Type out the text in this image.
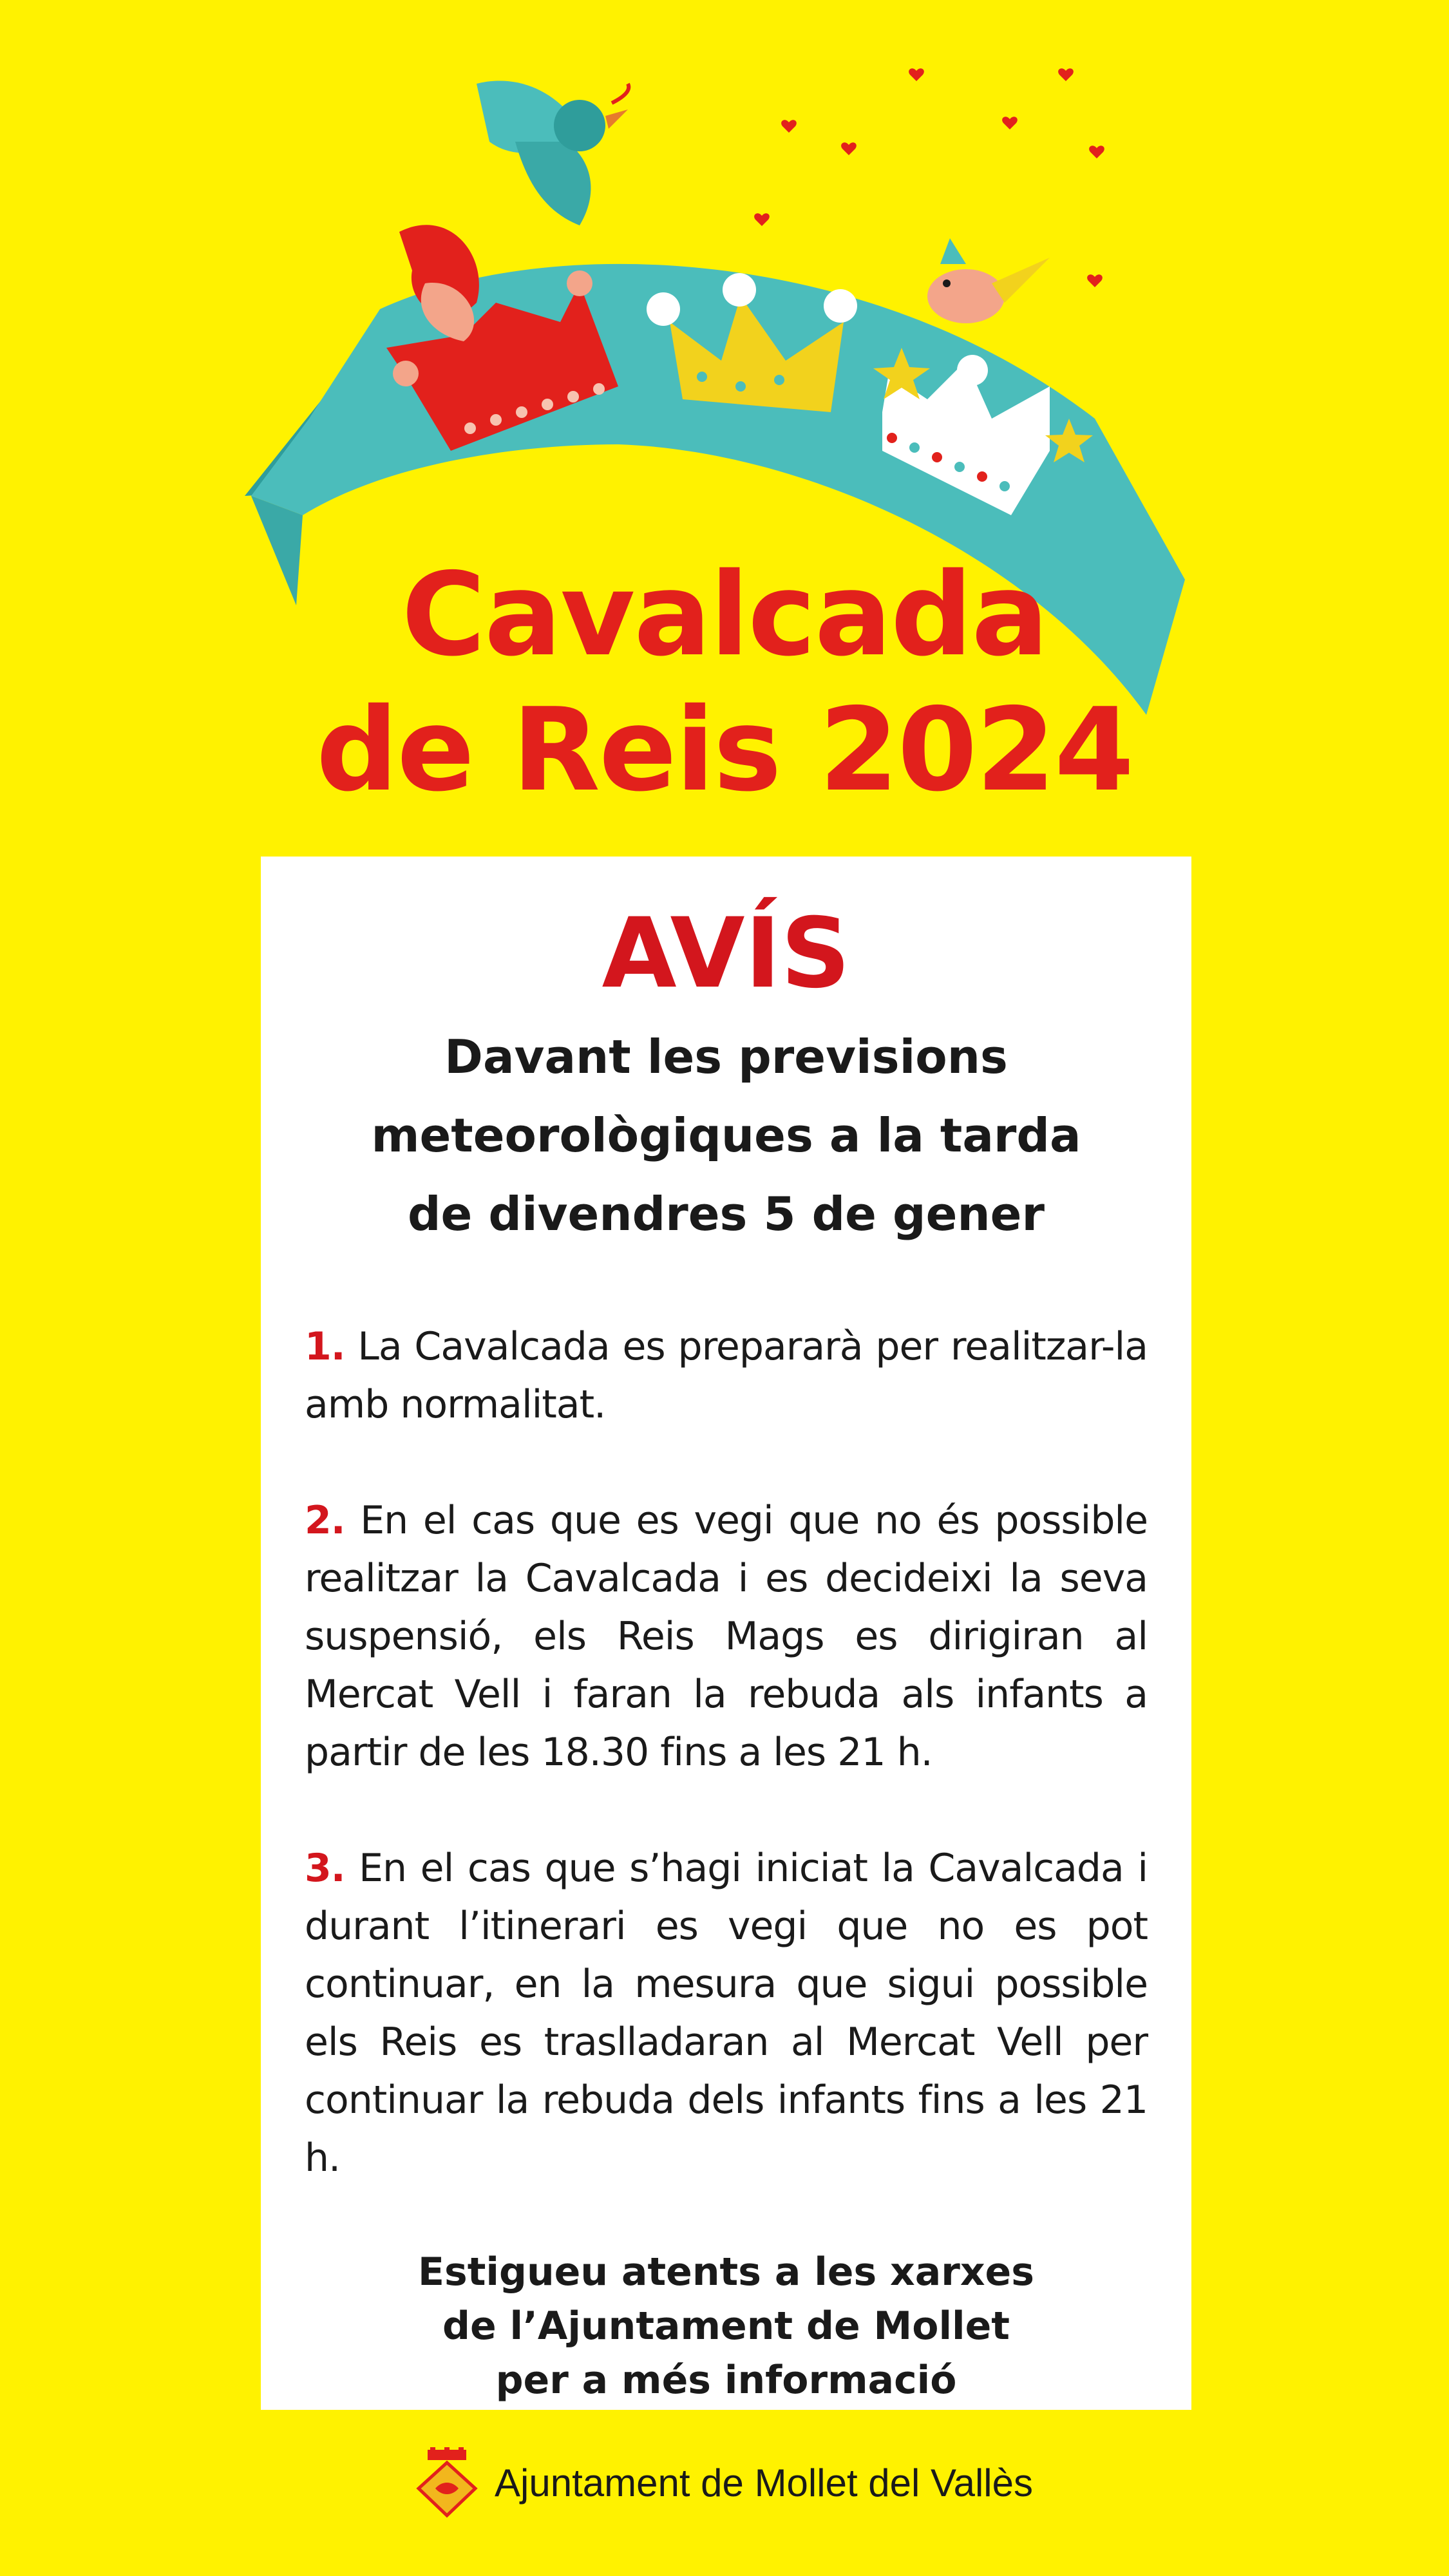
Cavalcada
de Reis 2024
AVÍS
Davant les previsions
meteorològiques a la tarda
de divendres 5 de gener

1. La Cavalcada es prepararà per realitzar-la amb normalitat.

2. En el cas que es vegi que no és possible realitzar la Cavalcada i es decideixi la seva suspensió, els Reis Mags es dirigiran al Mercat Vell i faran la rebuda als infants a partir de les 18.30 fins a les 21 h.

3. En el cas que s’hagi iniciat la Cavalcada i durant l’itinerari es vegi que no es pot continuar, en la mesura que sigui possible els Reis es traslladaran al Mercat Vell per continuar la rebuda dels infants fins a les 21 h.

Estigueu atents a les xarxes
de l’Ajuntament de Mollet
per a més informació

Ajuntament de Mollet del Vallès
